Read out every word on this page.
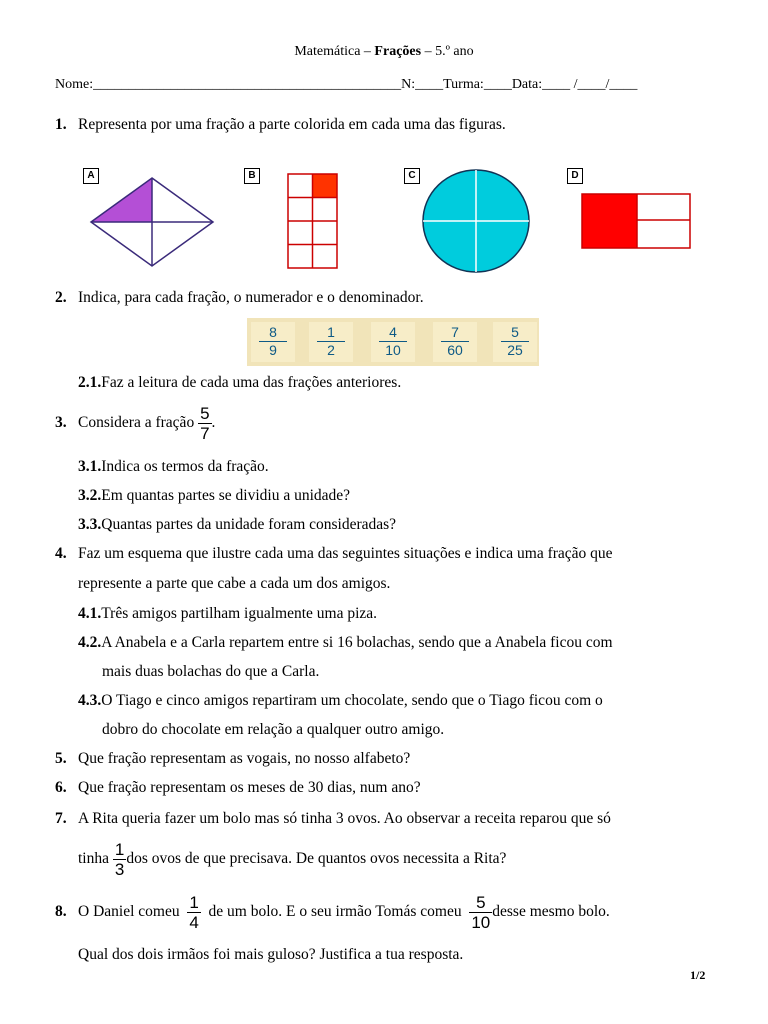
Matemática – Frações – 5.º ano
Nome:____________________________________________N:____Turma:____Data:____ /____/____
1. Representa por uma fração a parte colorida em cada uma das figuras.
A	B	C	D
2. Indica, para cada fração, o numerador e o denominador.
8
9
1
2
4
10
7
60
5
25
2.1.Faz a leitura de cada uma das frações anteriores.
3. Considera a fração $\frac{5}{7}$ .
3.1.Indica os termos da fração.
3.2.Em quantas partes se dividiu a unidade?
3.3.Quantas partes da unidade foram consideradas?
4. Faz um esquema que ilustre cada uma das seguintes situações e indica uma fração que
represente a parte que cabe a cada um dos amigos.
4.1.Três amigos partilham igualmente uma piza.
4.2.A Anabela e a Carla repartem entre si 16 bolachas, sendo que a Anabela ficou com
mais duas bolachas do que a Carla.
4.3.O Tiago e cinco amigos repartiram um chocolate, sendo que o Tiago ficou com o
dobro do chocolate em relação a qualquer outro amigo.
5. Que fração representam as vogais, no nosso alfabeto?
6. Que fração representam os meses de 30 dias, num ano?
7. A Rita queria fazer um bolo mas só tinha 3 ovos. Ao observar a receita reparou que só
tinha $\frac{1}{3}$ dos ovos de que precisava. De quantos ovos necessita a Rita?
8. O Daniel comeu $\frac{1}{4}$ de um bolo. E o seu irmão Tomás comeu $\frac{5}{10}$ desse mesmo bolo.
Qual dos dois irmãos foi mais guloso? Justifica a tua resposta.
1/2
